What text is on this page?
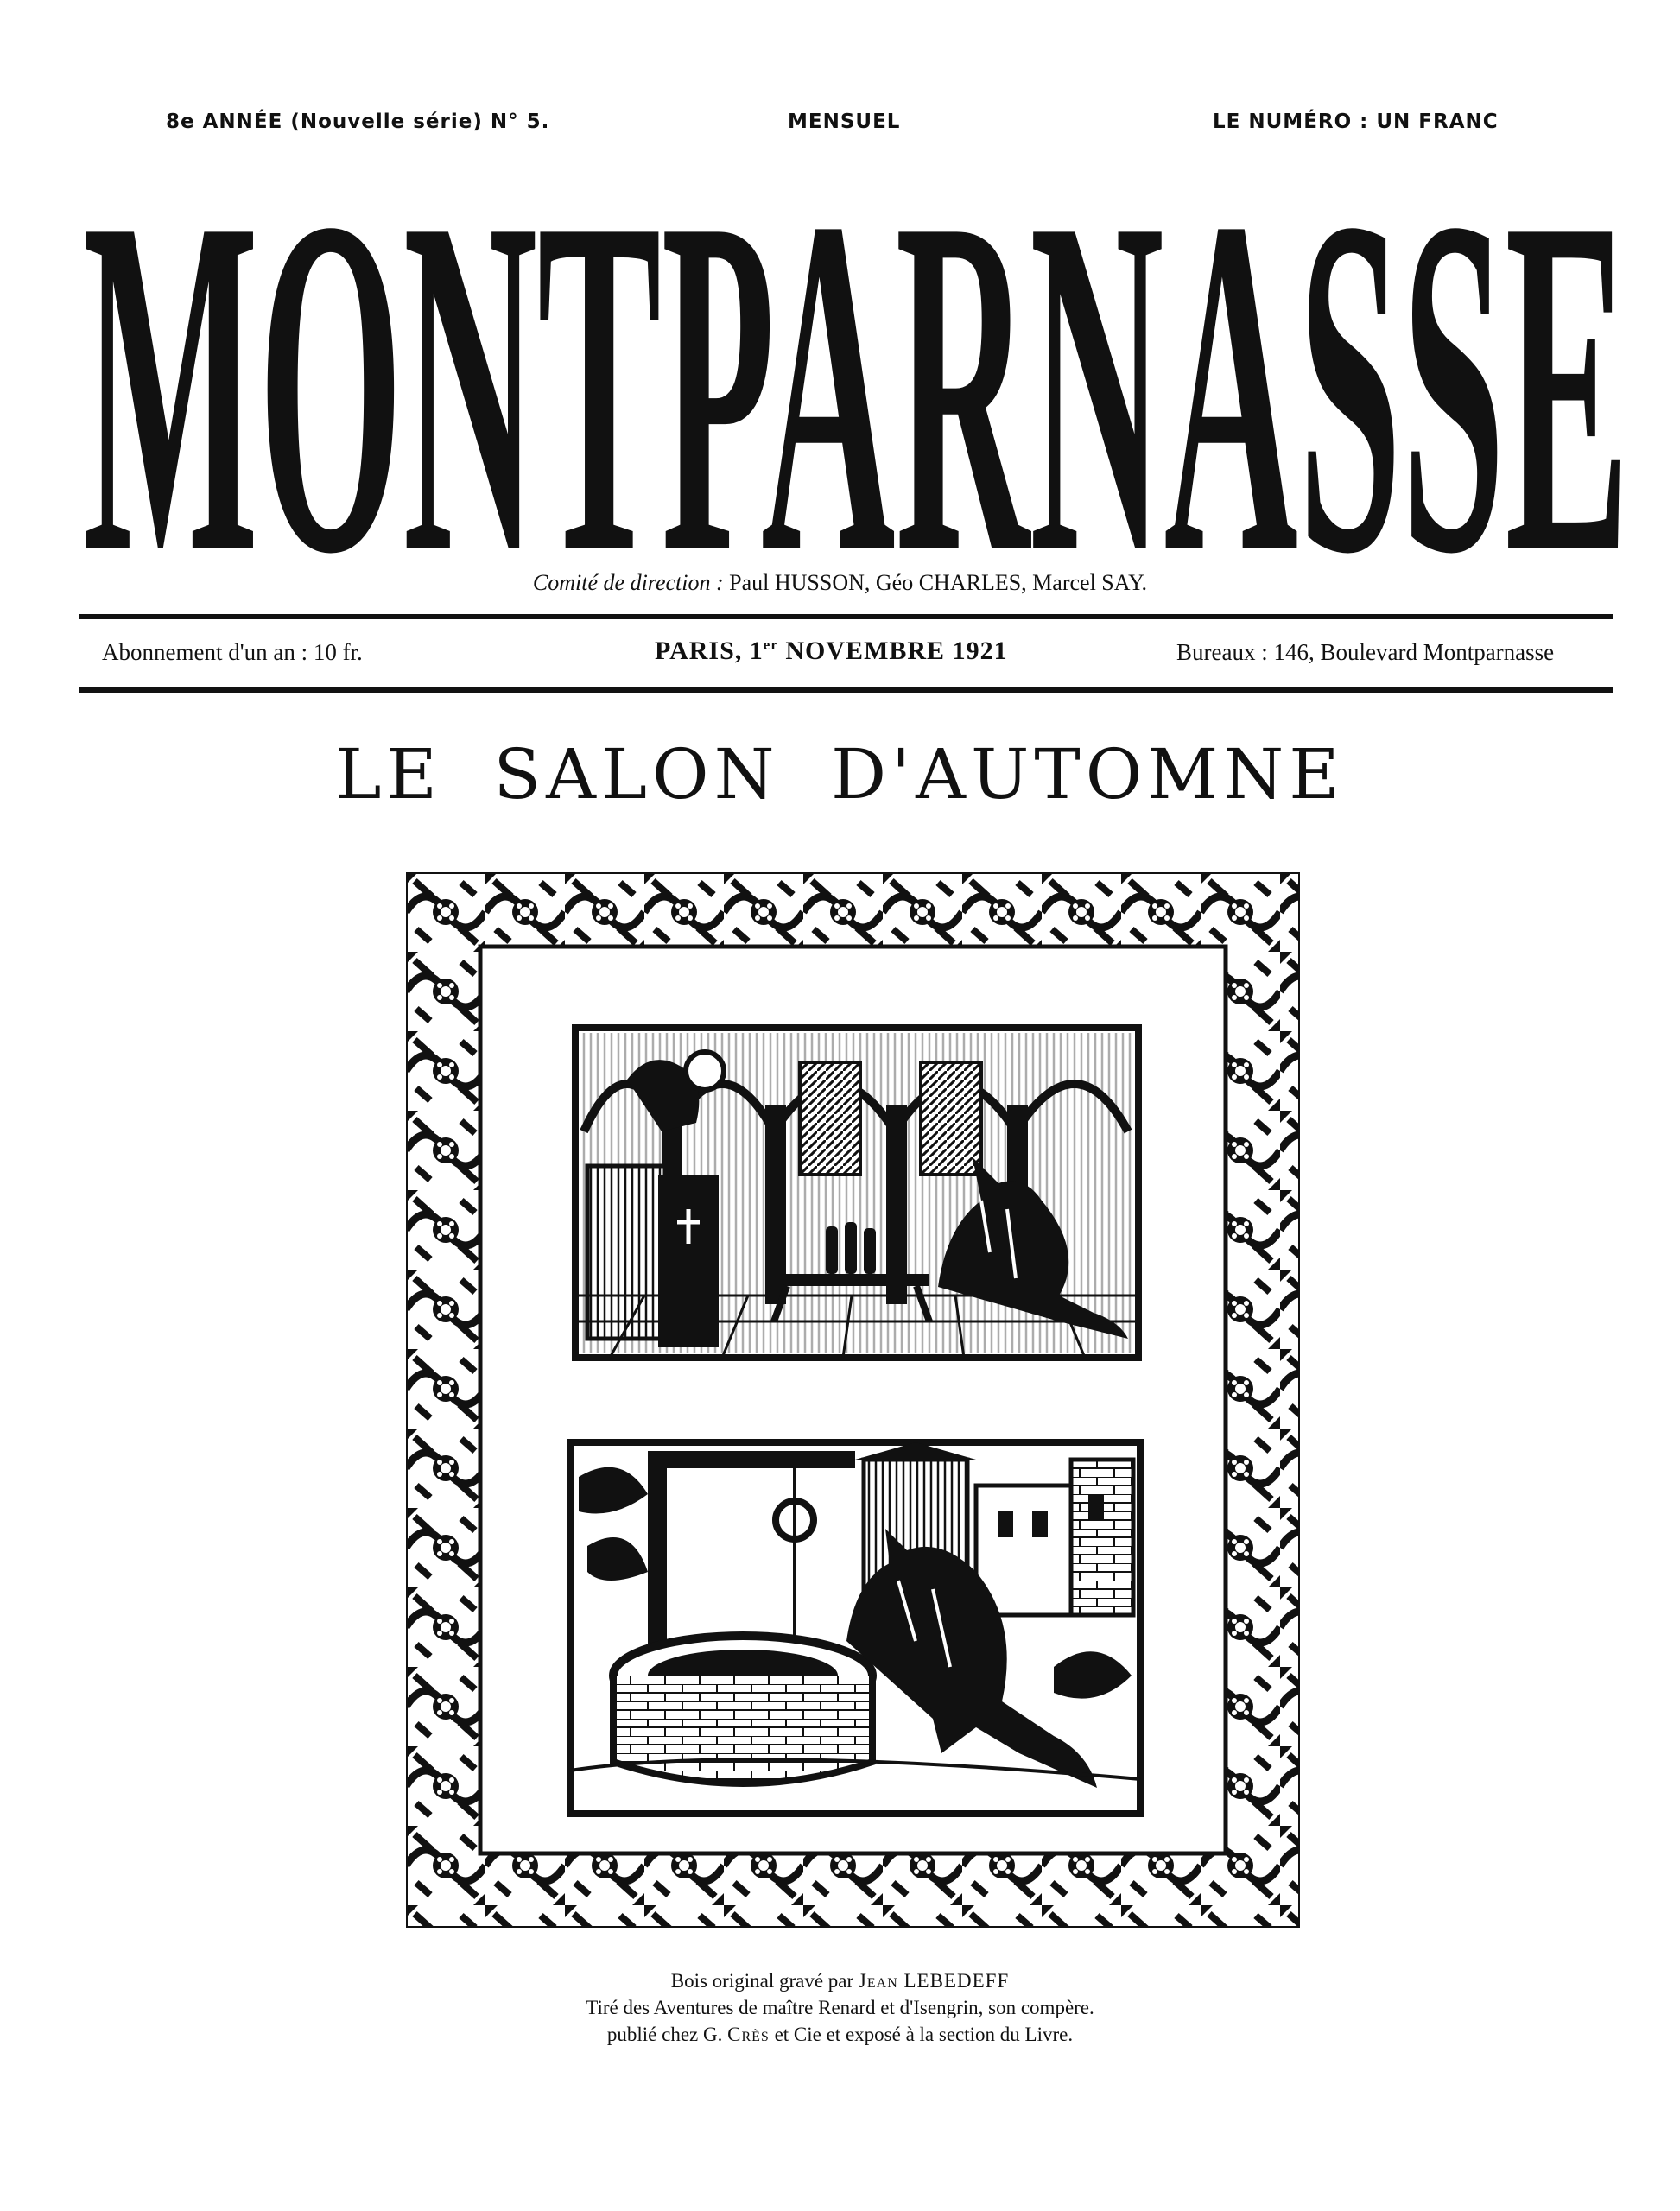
8e ANNÉE (Nouvelle série) N° 5.	MENSUEL	LE NUMÉRO : UN FRANC
MONTPARNASSE
Comité de direction : Paul HUSSON, Géo CHARLES, Marcel SAY.
Abonnement d'un an : 10 fr.	PARIS, 1er NOVEMBRE 1921	Bureaux : 146, Boulevard Montparnasse
LE SALON D'AUTOMNE
Bois original gravé par Jean LEBEDEFF
Tiré des Aventures de maître Renard et d'Isengrin, son compère.
publié chez G. Crès et Cie et exposé à la section du Livre.
